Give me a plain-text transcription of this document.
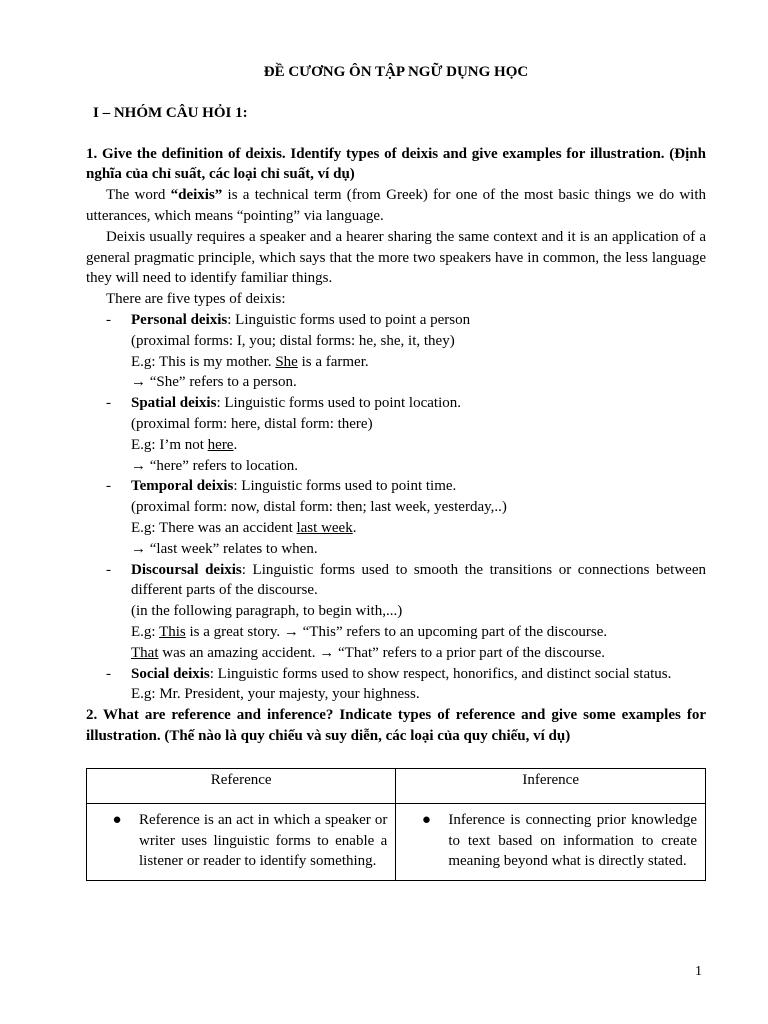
ĐỀ CƯƠNG ÔN TẬP NGỮ DỤNG HỌC

I – NHÓM CÂU HỎI 1:

1. Give the definition of deixis. Identify types of deixis and give examples for illustration. (Định nghĩa của chỉ suất, các loại chỉ suất, ví dụ)

The word “deixis” is a technical term (from Greek) for one of the most basic things we do with utterances, which means “pointing” via language.

Deixis usually requires a speaker and a hearer sharing the same context and it is an application of a general pragmatic principle, which says that the more two speakers have in common, the less language they will need to identify familiar things.

There are five types of deixis:

- Personal deixis: Linguistic forms used to point a person

(proximal forms: I, you; distal forms: he, she, it, they)

E.g: This is my mother. She is a farmer.

→ “She” refers to a person.

- Spatial deixis: Linguistic forms used to point location.

(proximal form: here, distal form: there)

E.g: I’m not here.

→ “here” refers to location.

- Temporal deixis: Linguistic forms used to point time.

(proximal form: now, distal form: then; last week, yesterday,..)

E.g: There was an accident last week.

→ “last week” relates to when.

- Discoursal deixis: Linguistic forms used to smooth the transitions or connections between different parts of the discourse.

(in the following paragraph, to begin with,...)

E.g: This is a great story. → “This” refers to an upcoming part of the discourse.

That was an amazing accident. → “That” refers to a prior part of the discourse.

- Social deixis: Linguistic forms used to show respect, honorifics, and distinct social status.

E.g: Mr. President, your majesty, your highness.

2. What are reference and inference? Indicate types of reference and give some examples for illustration. (Thế nào là quy chiếu và suy diễn, các loại của quy chiếu, ví dụ)

Reference	Inference

● Reference is an act in which a speaker or writer uses linguistic forms to enable a listener or reader to identify something.	● Inference is connecting prior knowledge to text based on information to create meaning beyond what is directly stated.
1
